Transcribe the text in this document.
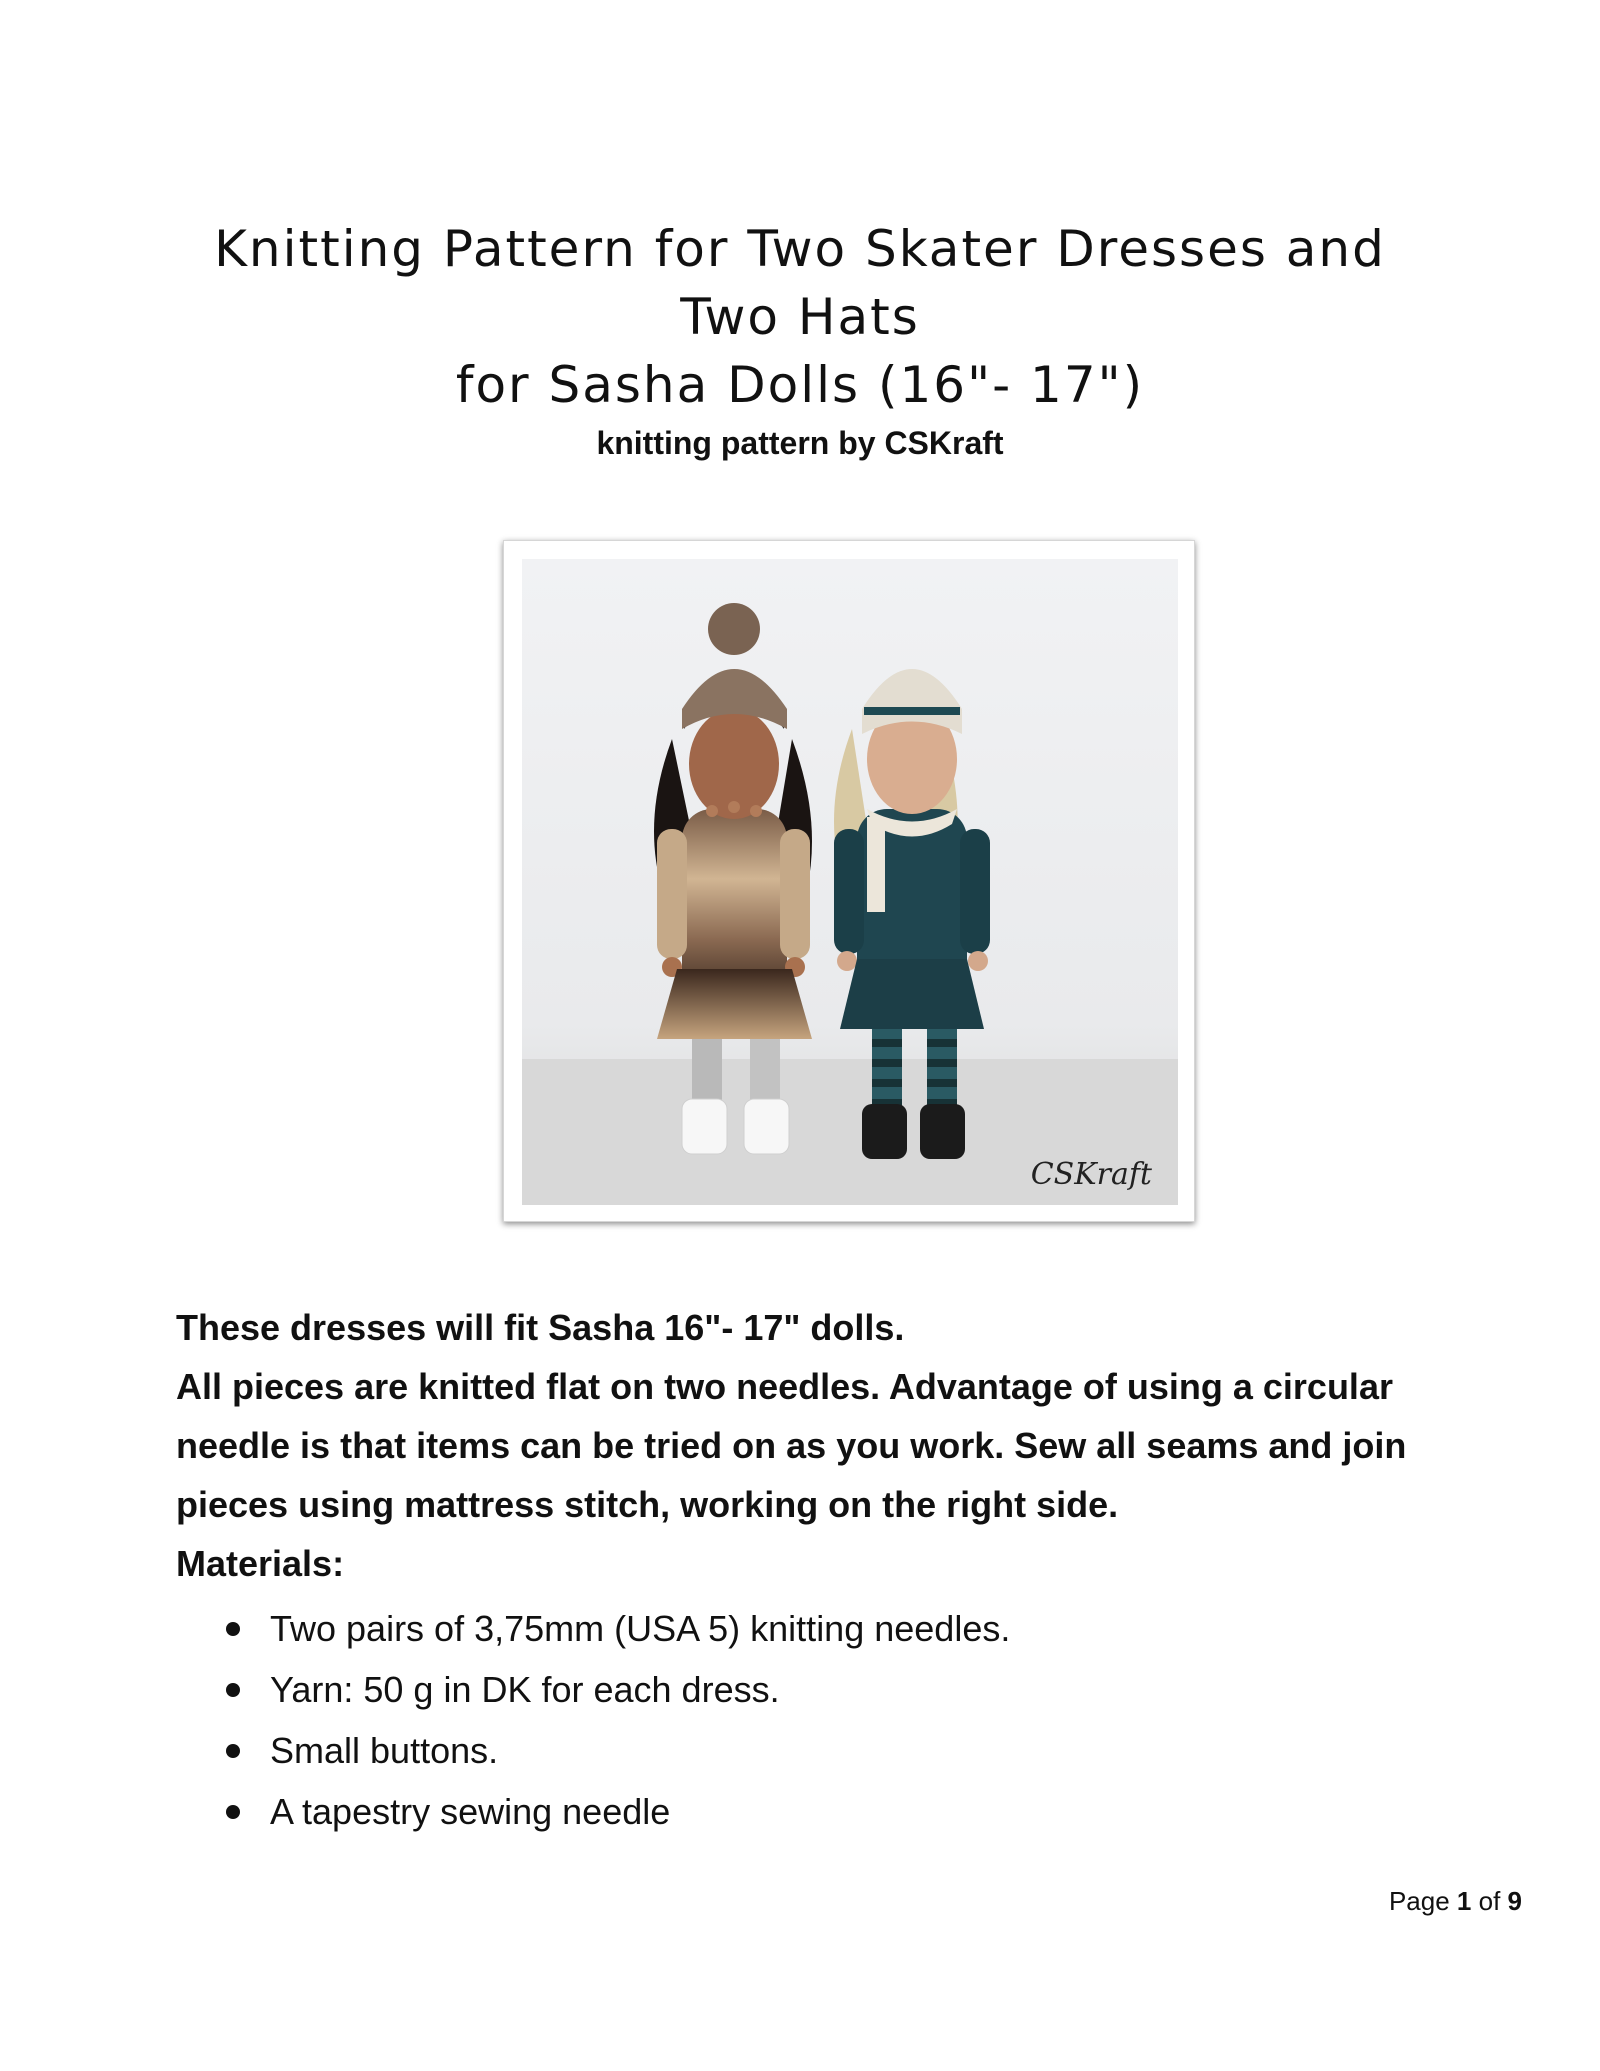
Knitting Pattern for Two Skater Dresses and
Two Hats
for Sasha Dolls (16"- 17")
knitting pattern by CSKraft
CSKraft

These dresses will fit Sasha 16"- 17" dolls.

All pieces are knitted flat on two needles. Advantage of using a circular needle is that items can be tried on as you work. Sew all seams and join pieces using mattress stitch, working on the right side.

Materials:

Two pairs of 3,75mm (USA 5) knitting needles.
Yarn: 50 g in DK for each dress.
Small buttons.
A tapestry sewing needle
Page 1 of 9
